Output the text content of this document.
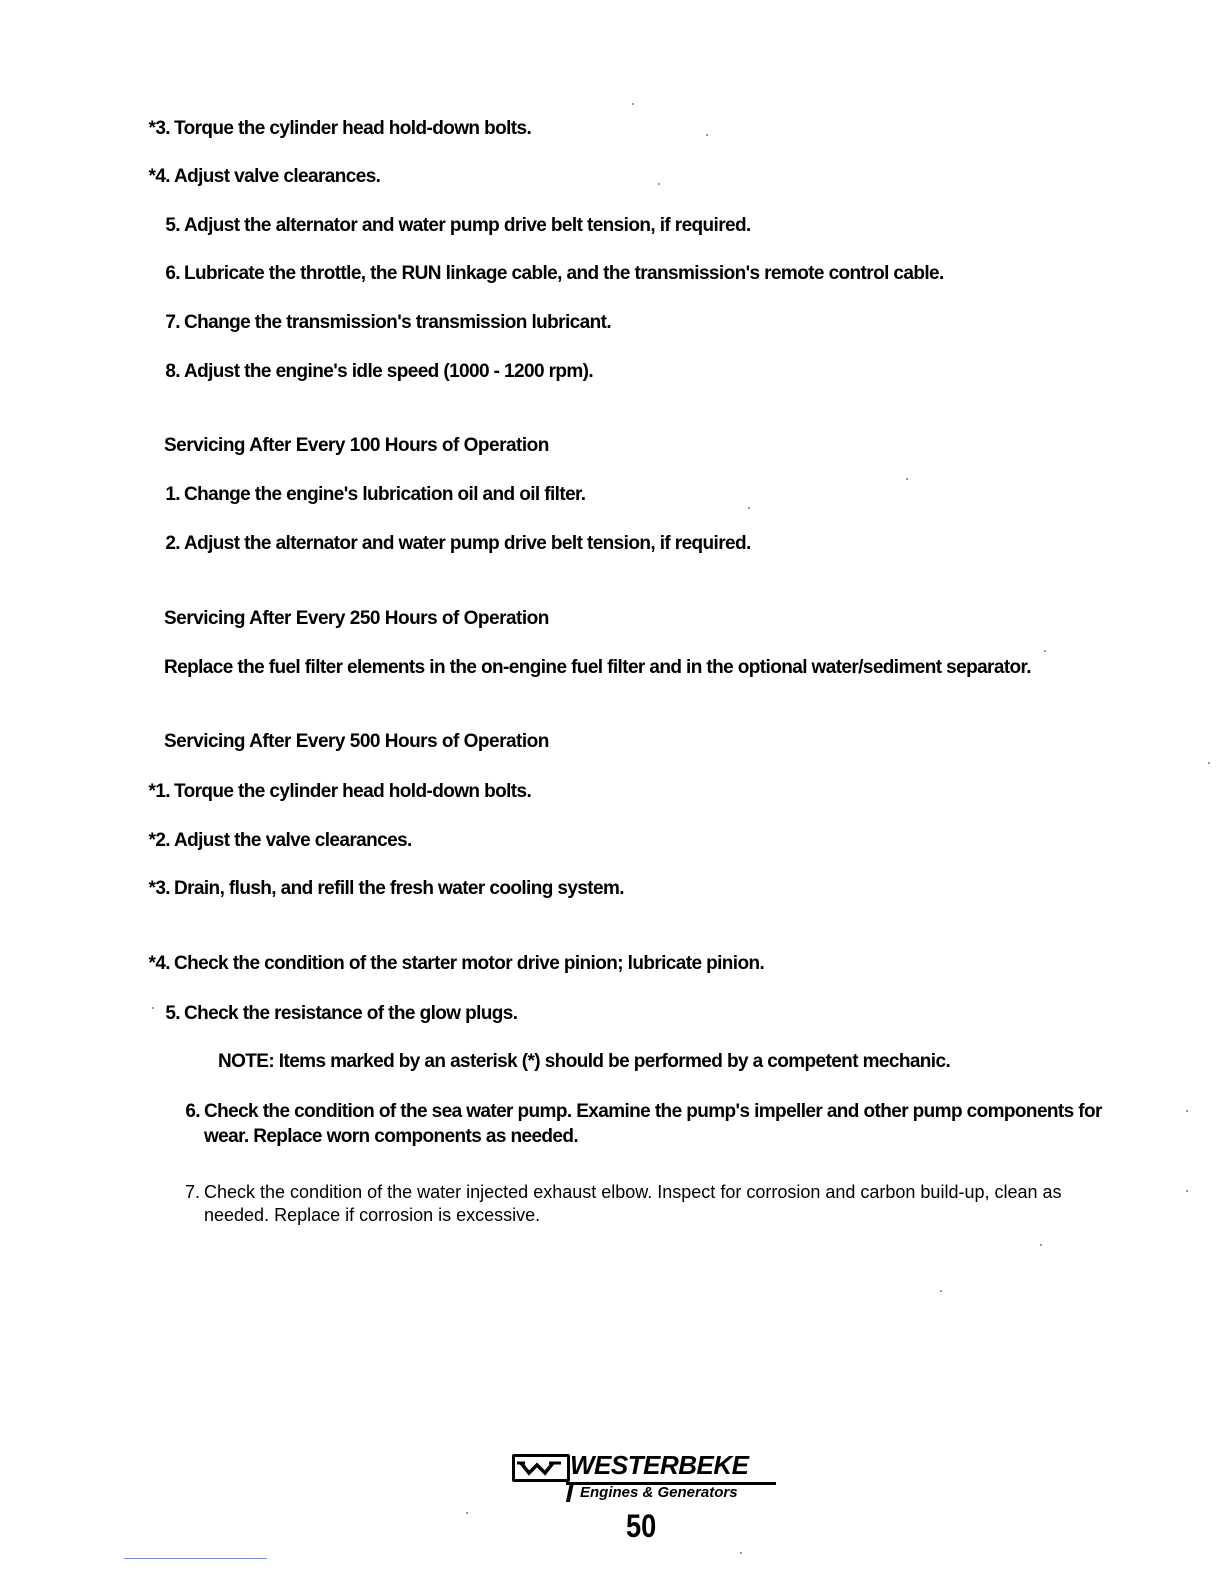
*3. Torque the cylinder head hold-down bolts.
*4. Adjust valve clearances.
5. Adjust the alternator and water pump drive belt tension, if required.
6. Lubricate the throttle, the RUN linkage cable, and the transmission's remote control cable.
7. Change the transmission's transmission lubricant.
8. Adjust the engine's idle speed (1000 - 1200 rpm).
Servicing After Every 100 Hours of Operation
1. Change the engine's lubrication oil and oil filter.
2. Adjust the alternator and water pump drive belt tension, if required.
Servicing After Every 250 Hours of Operation
Replace the fuel filter elements in the on-engine fuel filter and in the optional water/sediment separator.
Servicing After Every 500 Hours of Operation
*1. Torque the cylinder head hold-down bolts.
*2. Adjust the valve clearances.
*3. Drain, flush, and refill the fresh water cooling system.
*4. Check the condition of the starter motor drive pinion; lubricate pinion.
5. Check the resistance of the glow plugs.
NOTE: Items marked by an asterisk (*) should be performed by a competent mechanic.
6. Check the condition of the sea water pump. Examine the pump's impeller and other pump components for wear. Replace worn components as needed.
7. Check the condition of the water injected exhaust elbow. Inspect for corrosion and carbon build-up, clean as needed. Replace if corrosion is excessive.
WESTERBEKE
Engines & Generators
50
